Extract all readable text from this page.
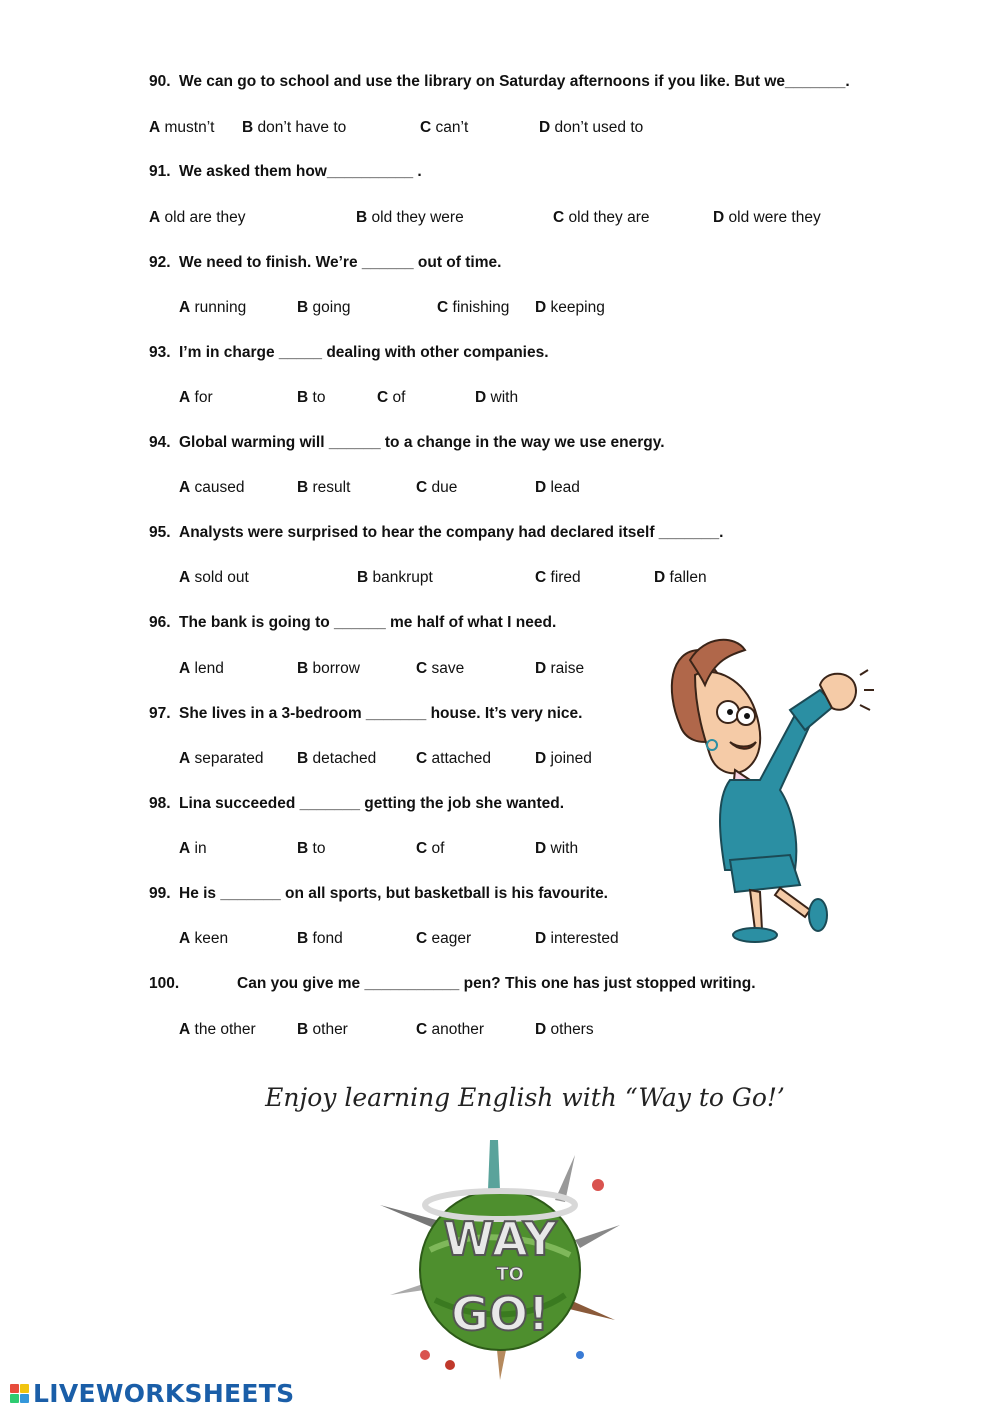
90. We can go to school and use the library on Saturday afternoons if you like. But we_______.
A mustn’t B don’t have to	C can’t	D don’t used to
91. We asked them how__________ .
A old are they	B old they were	C old they are	D old were they
92. We need to finish. We’re ______ out of time.
A running	B going	C finishing D keeping
93. I’m in charge _____ dealing with other companies.
A for	B to	C of	D with
94. Global warming will ______ to a change in the way we use energy.
A caused	B result	C due	D lead
95. Analysts were surprised to hear the company had declared itself _______.
A sold out	B bankrupt	C fired	D fallen
96. The bank is going to ______ me half of what I need.
A lend	B borrow	C save	D raise
97. She lives in a 3-bedroom _______ house. It’s very nice.
A separated B detached	C attached	D joined
98. Lina succeeded _______ getting the job she wanted.
A in	B to	C of	D with
99. He is _______ on all sports, but basketball is his favourite.
A keen	B fond	C eager	D interested
100.	Can you give me ___________ pen? This one has just stopped writing.
A the other	B other	C another	D others
Enjoy learning English with “Way to Go!’
WAY
TO
GO!
LIVEWORKSHEETS
